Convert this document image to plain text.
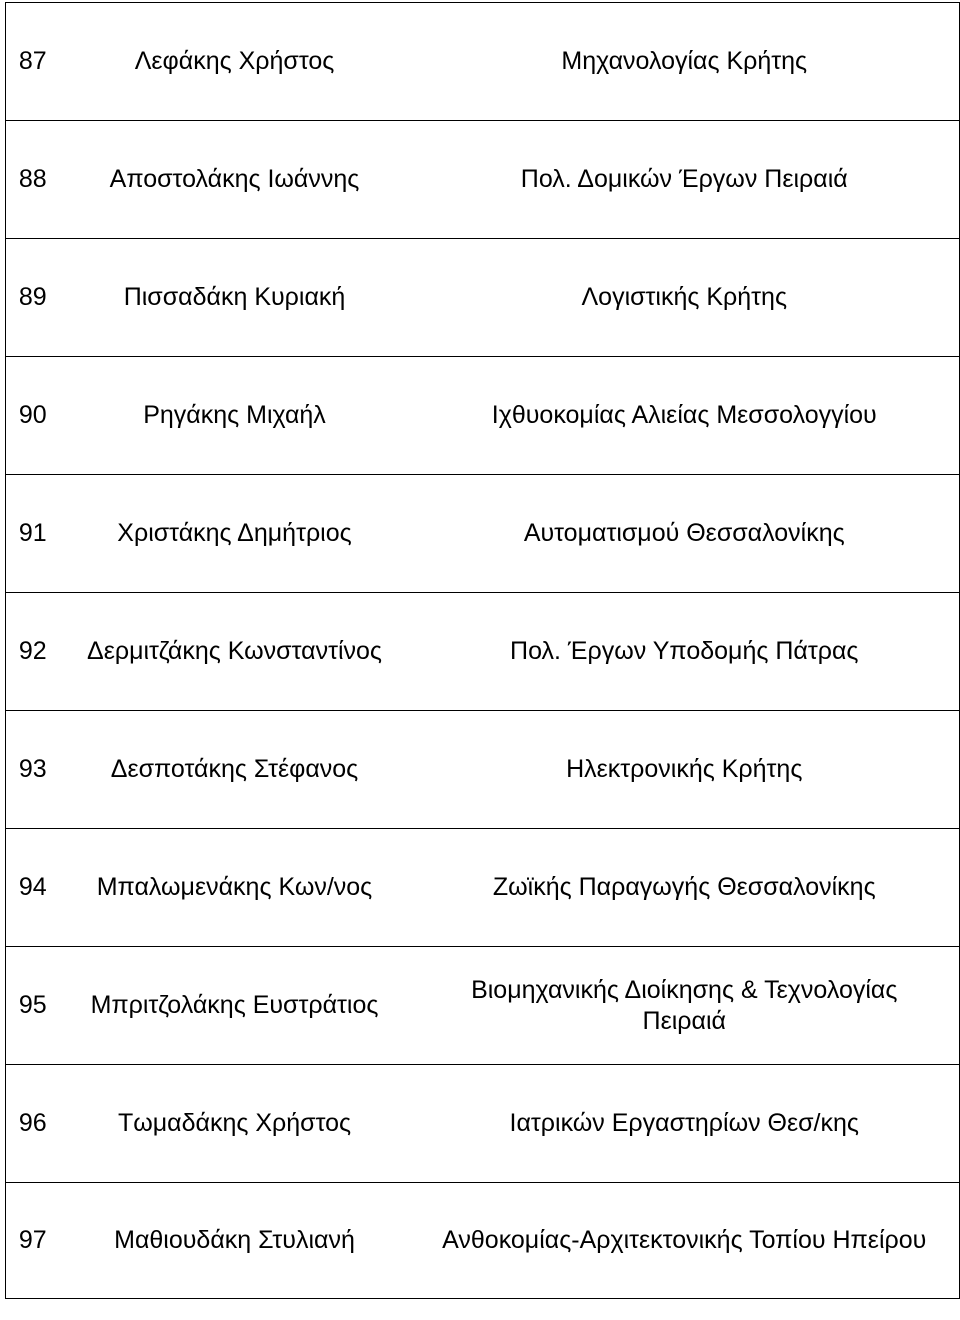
87	Λεφάκης Χρήστος	Μηχανολογίας Κρήτης

88	Αποστολάκης Ιωάννης	Πολ. Δομικών Έργων Πειραιά

89	Πισσαδάκη Κυριακή	Λογιστικής Κρήτης

90	Ρηγάκης Μιχαήλ	Ιχθυοκομίας Αλιείας Μεσσολογγίου

91	Χριστάκης Δημήτριος	Αυτοματισμού Θεσσαλονίκης

92	Δερμιτζάκης Κωνσταντίνος	Πολ. Έργων Υποδομής Πάτρας

93	Δεσποτάκης Στέφανος	Ηλεκτρονικής Κρήτης

94	Μπαλωμενάκης Κων/νος	Ζωϊκής Παραγωγής Θεσσαλονίκης

95	Μπριτζολάκης Ευστράτιος	Βιομηχανικής Διοίκησης & Τεχνολογίας
Πειραιά

96	Τωμαδάκης Χρήστος	Ιατρικών Εργαστηρίων Θεσ/κης

97	Μαθιουδάκη Στυλιανή	Ανθοκομίας-Αρχιτεκτονικής Τοπίου Ηπείρου
